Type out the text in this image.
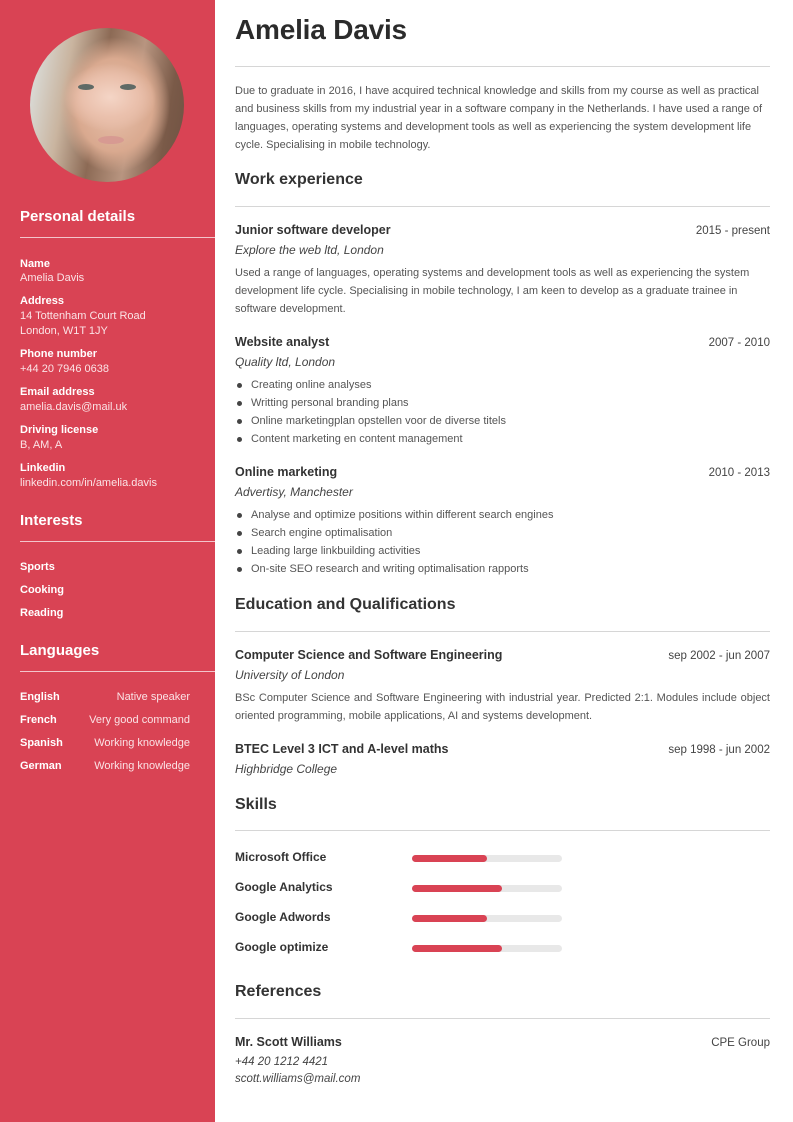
Personal details
Name
Amelia Davis
Address
14 Tottenham Court Road
London, W1T 1JY
Phone number
+44 20 7946 0638
Email address
amelia.davis@mail.uk
Driving license
B, AM, A
Linkedin
linkedin.com/in/amelia.davis
Interests
Sports
Cooking
Reading
Languages
English	Native speaker
French	Very good command
Spanish	Working knowledge
German	Working knowledge
Amelia Davis

Due to graduate in 2016, I have acquired technical knowledge and skills from my course as well as practical and business skills from my industrial year in a software company in the Netherlands. I have used a range of languages, operating systems and development tools as well as experiencing the system development life cycle. Specialising in mobile technology.

Work experience
Junior software developer	2015 - present
Explore the web ltd, London

Used a range of languages, operating systems and development tools as well as experiencing the system development life cycle. Specialising in mobile technology, I am keen to develop as a graduate trainee in software development.

Website analyst	2007 - 2010
Quality ltd, London
Creating online analyses
Writting personal branding plans
Online marketingplan opstellen voor de diverse titels
Content marketing en content management
Online marketing	2010 - 2013
Advertisy, Manchester
Analyse and optimize positions within different search engines
Search engine optimalisation
Leading large linkbuilding activities
On-site SEO research and writing optimalisation rapports
Education and Qualifications
Computer Science and Software Engineering	sep 2002 - jun 2007
University of London

BSc Computer Science and Software Engineering with industrial year. Predicted 2:1. Modules include object oriented programming, mobile applications, AI and systems development.

BTEC Level 3 ICT and A-level maths	sep 1998 - jun 2002
Highbridge College
Skills
Microsoft Office
Google Analytics
Google Adwords
Google optimize
References
Mr. Scott Williams	CPE Group
+44 20 1212 4421
scott.williams@mail.com
